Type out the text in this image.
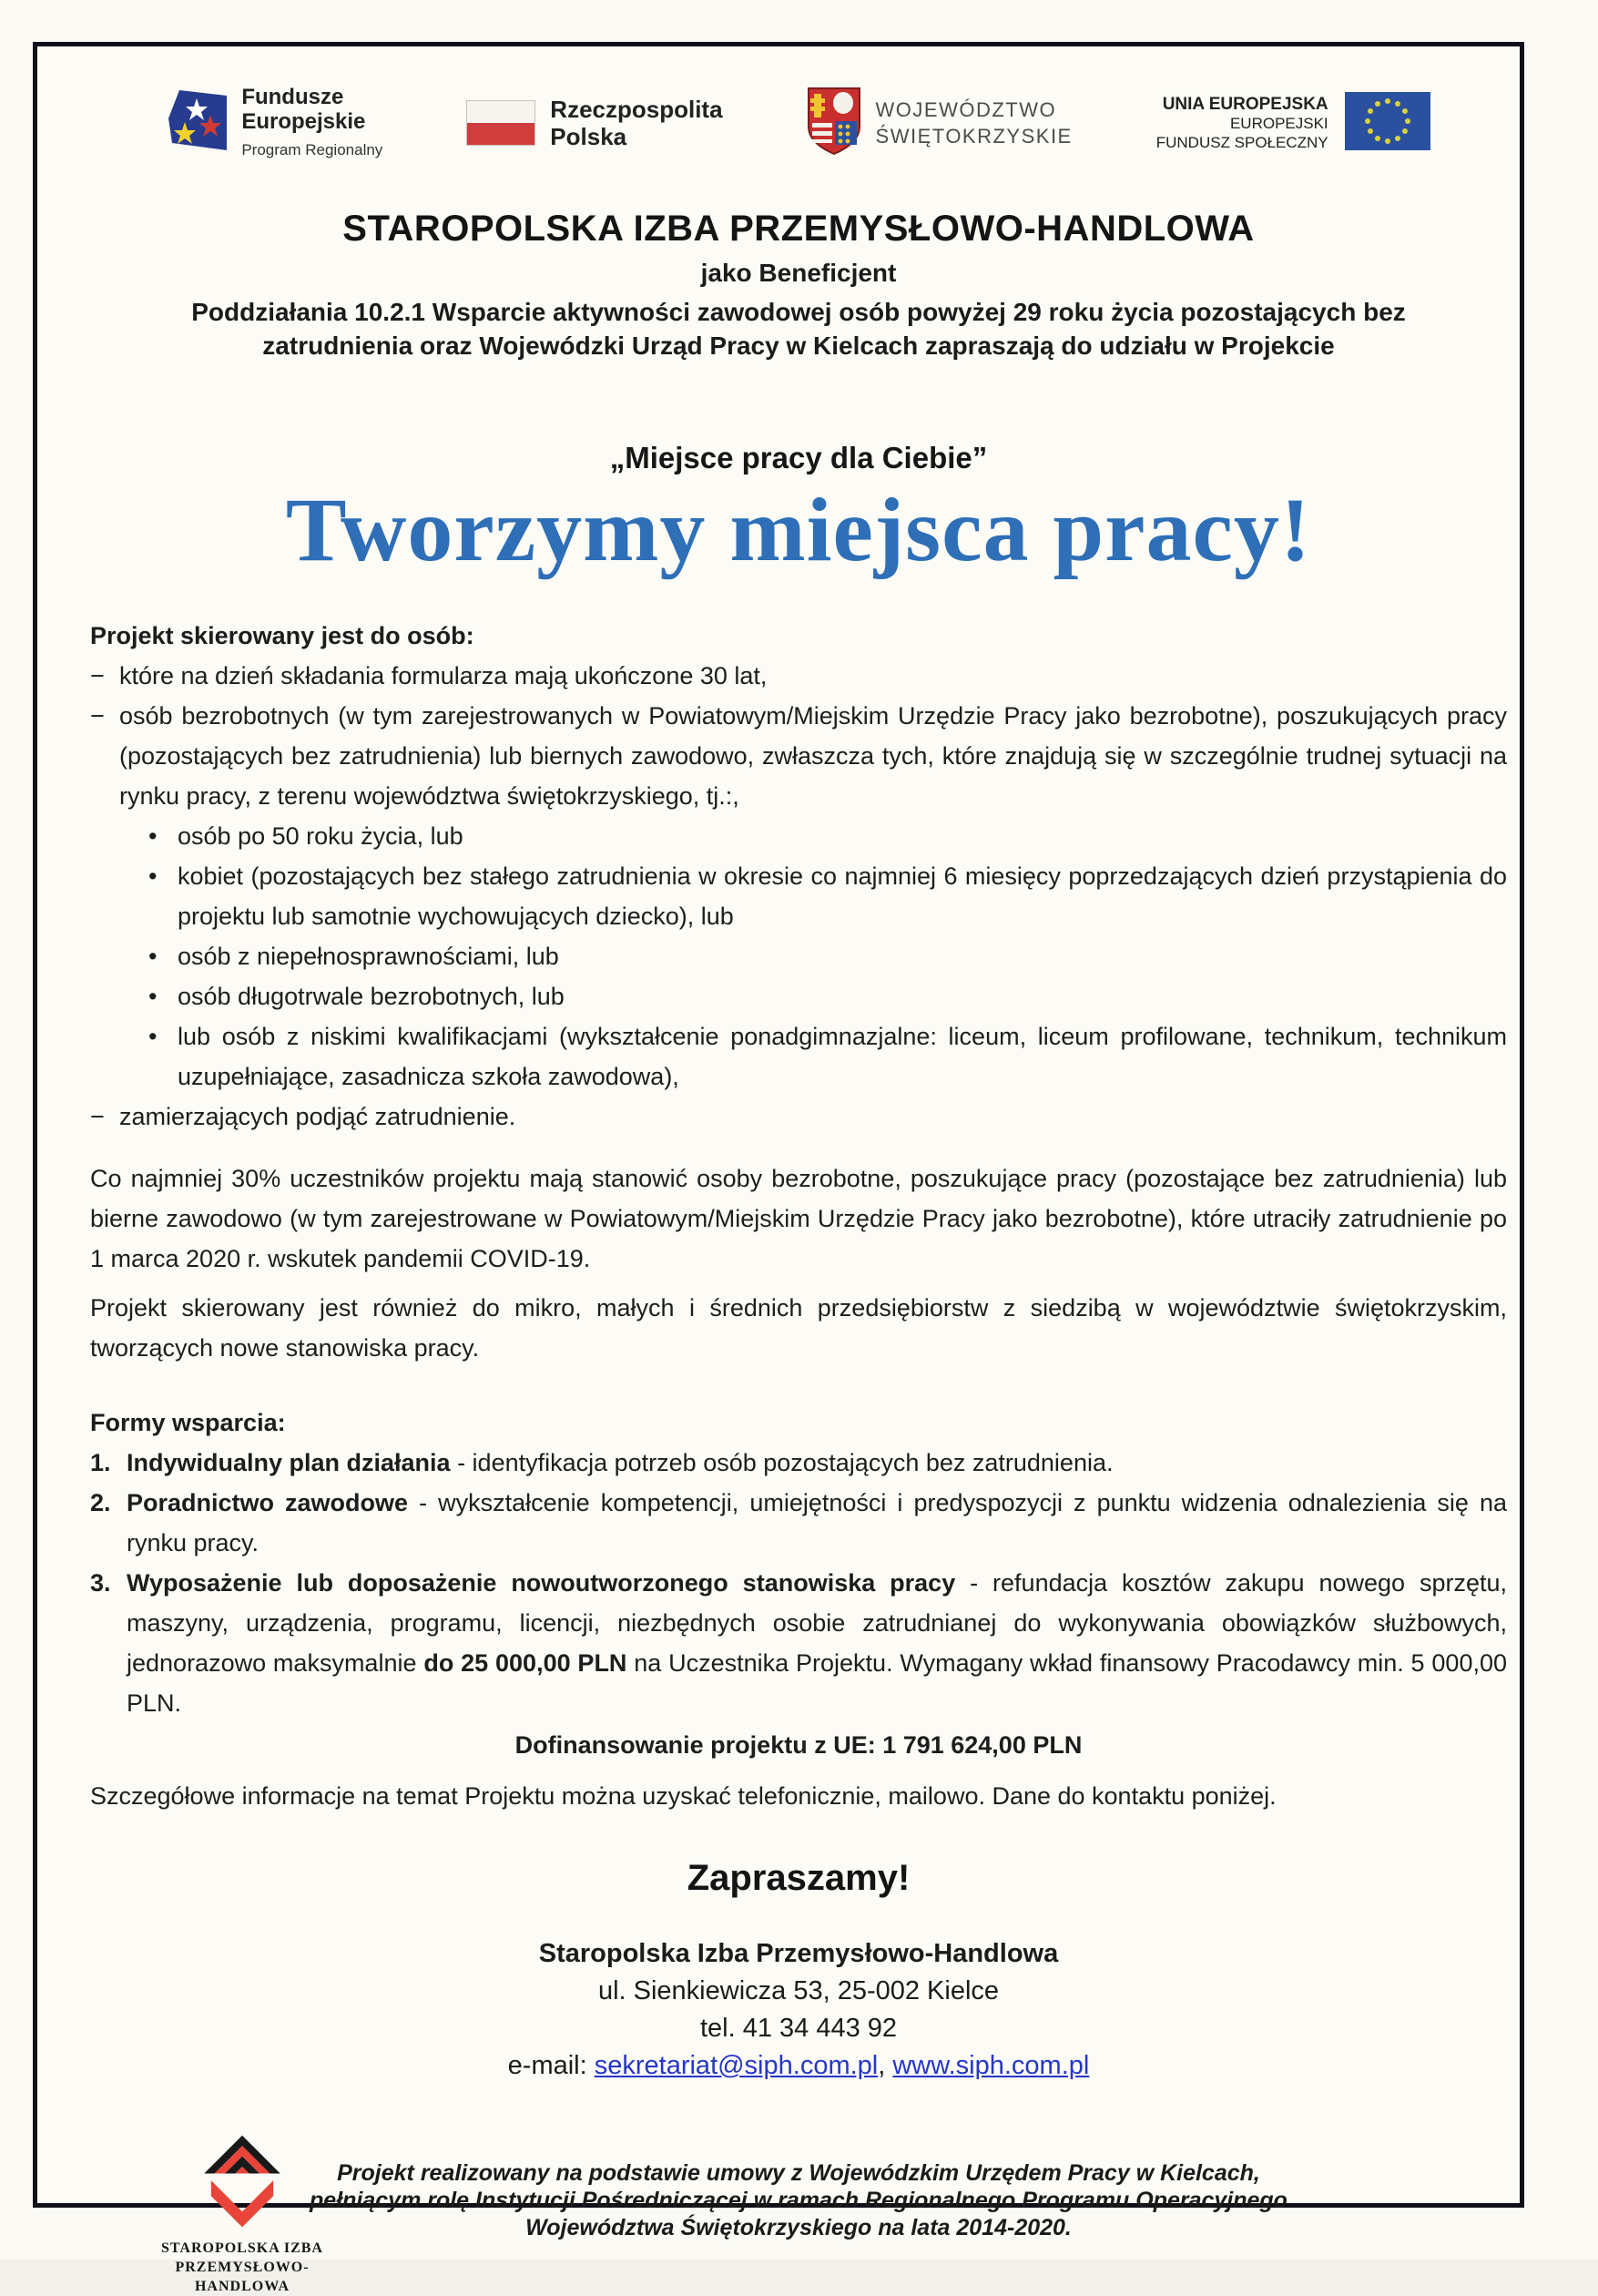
Fundusze
Europejskie
Program Regionalny
Rzeczpospolita
Polska
WOJEWÓDZTWO
ŚWIĘTOKRZYSKIE
UNIA EUROPEJSKA
EUROPEJSKI
FUNDUSZ SPOŁECZNY
STAROPOLSKA IZBA PRZEMYSŁOWO-HANDLOWA
jako Beneficjent
Poddziałania 10.2.1 Wsparcie aktywności zawodowej osób powyżej 29 roku życia pozostających bez
zatrudnienia oraz Wojewódzki Urząd Pracy w Kielcach zapraszają do udziału w Projekcie
„Miejsce pracy dla Ciebie”
Tworzymy miejsca pracy!

Projekt skierowany jest do osób:

− które na dzień składania formularza mają ukończone 30 lat,
− osób bezrobotnych (w tym zarejestrowanych w Powiatowym/Miejskim Urzędzie Pracy jako bezrobotne), poszukujących pracy (pozostających bez zatrudnienia) lub biernych zawodowo, zwłaszcza tych, które znajdują się w szczególnie trudnej sytuacji na rynku pracy, z terenu województwa świętokrzyskiego, tj.:,
• osób po 50 roku życia, lub
• kobiet (pozostających bez stałego zatrudnienia w okresie co najmniej 6 miesięcy poprzedzających dzień przystąpienia do projektu lub samotnie wychowujących dziecko), lub
• osób z niepełnosprawnościami, lub
• osób długotrwale bezrobotnych, lub
• lub osób z niskimi kwalifikacjami (wykształcenie ponadgimnazjalne: liceum, liceum profilowane, technikum, technikum uzupełniające, zasadnicza szkoła zawodowa),
− zamierzających podjąć zatrudnienie.

Co najmniej 30% uczestników projektu mają stanowić osoby bezrobotne, poszukujące pracy (pozostające bez zatrudnienia) lub bierne zawodowo (w tym zarejestrowane w Powiatowym/Miejskim Urzędzie Pracy jako bezrobotne), które utraciły zatrudnienie po 1 marca 2020 r. wskutek pandemii COVID-19.

Projekt skierowany jest również do mikro, małych i średnich przedsiębiorstw z siedzibą w województwie świętokrzyskim, tworzących nowe stanowiska pracy.

Formy wsparcia:

1. Indywidualny plan działania - identyfikacja potrzeb osób pozostających bez zatrudnienia.
2. Poradnictwo zawodowe - wykształcenie kompetencji, umiejętności i predyspozycji z punktu widzenia odnalezienia się na rynku pracy.
3. Wyposażenie lub doposażenie nowoutworzonego stanowiska pracy - refundacja kosztów zakupu nowego sprzętu, maszyny, urządzenia, programu, licencji, niezbędnych osobie zatrudnianej do wykonywania obowiązków służbowych, jednorazowo maksymalnie do 25 000,00 PLN na Uczestnika Projektu. Wymagany wkład finansowy Pracodawcy min. 5 000,00 PLN.

Dofinansowanie projektu z UE: 1 791 624,00 PLN

Szczegółowe informacje na temat Projektu można uzyskać telefonicznie, mailowo. Dane do kontaktu poniżej.

Zapraszamy!
Staropolska Izba Przemysłowo-Handlowa
ul. Sienkiewicza 53, 25-002 Kielce
tel. 41 34 443 92
e-mail: sekretariat@siph.com.pl, www.siph.com.pl
STAROPOLSKA IZBA
PRZEMYSŁOWO-HANDLOWA
Projekt realizowany na podstawie umowy z Wojewódzkim Urzędem Pracy w Kielcach,
pełniącym rolę Instytucji Pośredniczącej w ramach Regionalnego Programu Operacyjnego
Województwa Świętokrzyskiego na lata 2014-2020.
